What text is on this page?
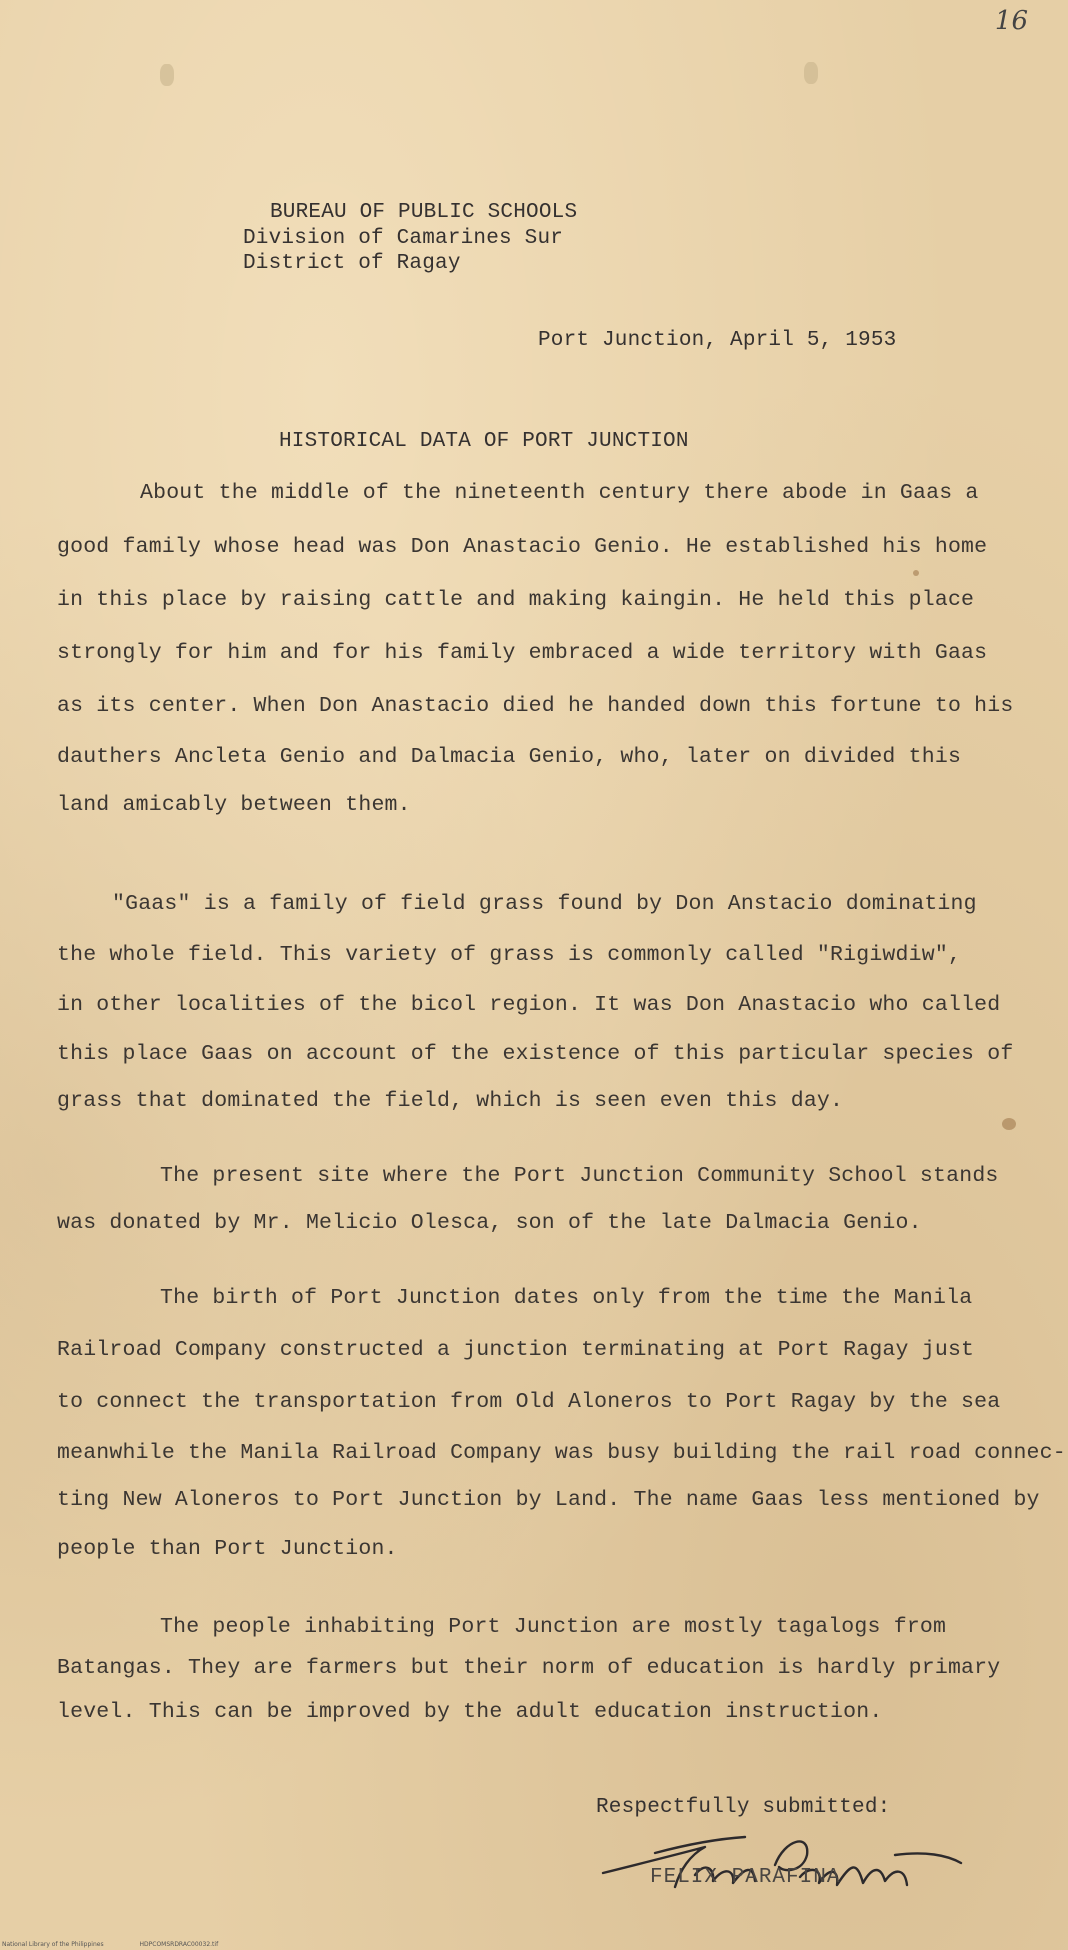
16
BUREAU OF PUBLIC SCHOOLS
Division of Camarines Sur
District of Ragay
Port Junction, April 5, 1953
HISTORICAL DATA OF PORT JUNCTION
About the middle of the nineteenth century there abode in Gaas a
good family whose head was Don Anastacio Genio. He established his home
in this place by raising cattle and making kaingin. He held this place
strongly for him and for his family embraced a wide territory with Gaas
as its center. When Don Anastacio died he handed down this fortune to his
dauthers Ancleta Genio and Dalmacia Genio, who, later on divided this
land amicably between them.
"Gaas" is a family of field grass found by Don Anstacio dominating
the whole field. This variety of grass is commonly called "Rigiwdiw",
in other localities of the bicol region. It was Don Anastacio who called
this place Gaas on account of the existence of this particular species of
grass that dominated the field, which is seen even this day.
The present site where the Port Junction Community School stands
was donated by Mr. Melicio Olesca, son of the late Dalmacia Genio.
The birth of Port Junction dates only from the time the Manila
Railroad Company constructed a junction terminating at Port Ragay just
to connect the transportation from Old Aloneros to Port Ragay by the sea
meanwhile the Manila Railroad Company was busy building the rail road connec-
ting New Aloneros to Port Junction by Land. The name Gaas less mentioned by
people than Port Junction.
The people inhabiting Port Junction are mostly tagalogs from
Batangas. They are farmers but their norm of education is hardly primary
level. This can be improved by the adult education instruction.
Respectfully submitted:
FELIX PARAFINA
National Library of the Philippines	HDPCOMSRDRAC00032.tif
